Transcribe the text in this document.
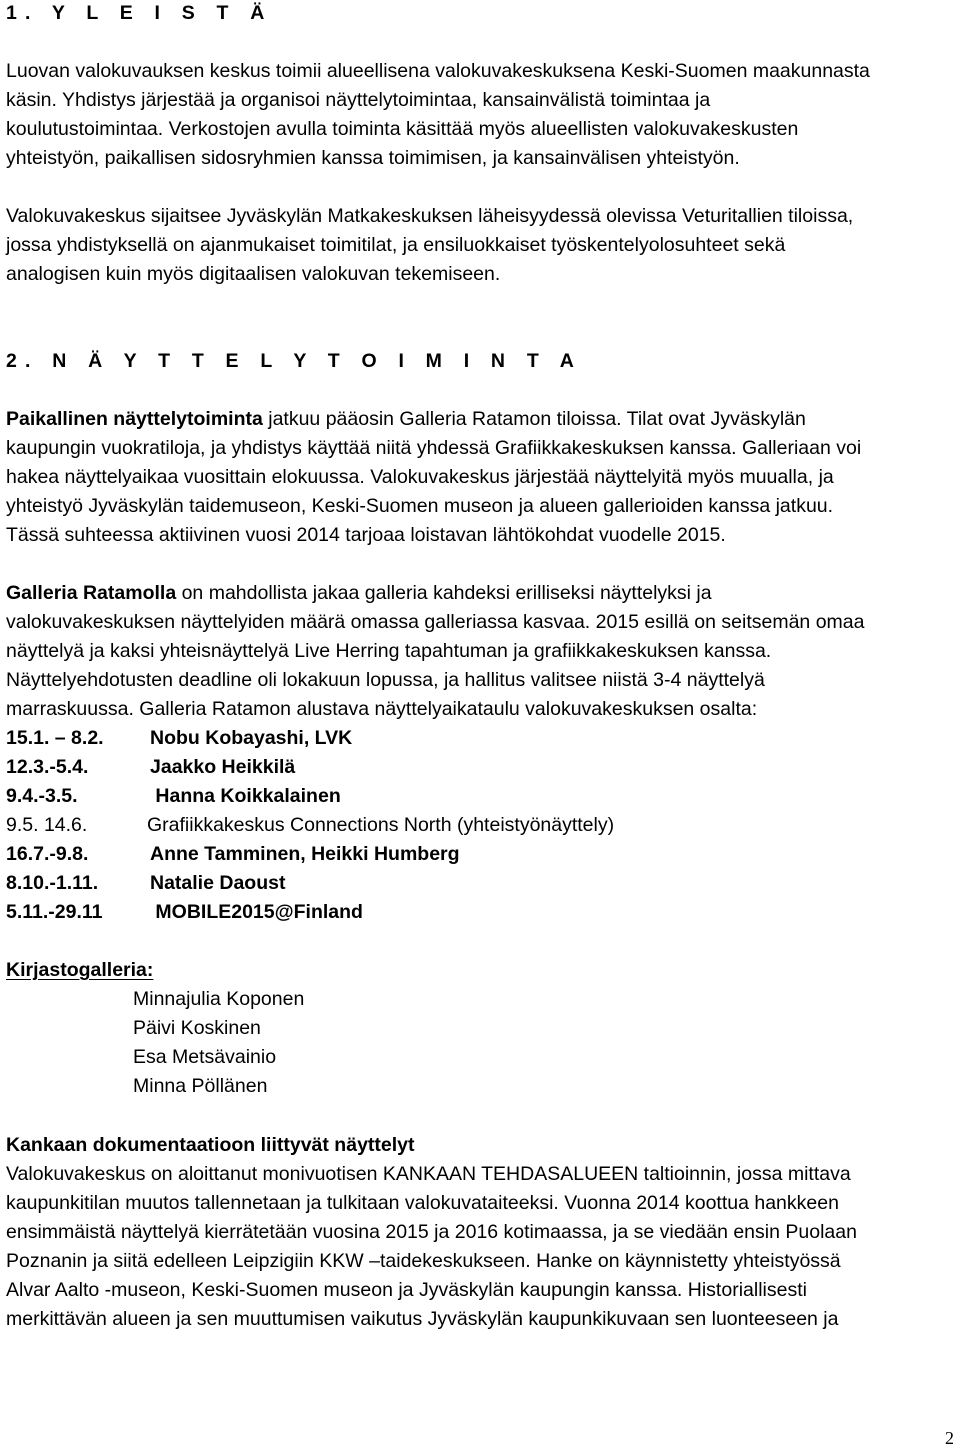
1. Y L E I S T Ä
Luovan valokuvauksen keskus toimii alueellisena valokuvakeskuksena Keski-Suomen maakunnasta
käsin. Yhdistys järjestää ja organisoi näyttelytoimintaa, kansainvälistä toimintaa ja
koulutustoimintaa. Verkostojen avulla toiminta käsittää myös alueellisten valokuvakeskusten
yhteistyön, paikallisen sidosryhmien kanssa toimimisen, ja kansainvälisen yhteistyön.
Valokuvakeskus sijaitsee Jyväskylän Matkakeskuksen läheisyydessä olevissa Veturitallien tiloissa,
jossa yhdistyksellä on ajanmukaiset toimitilat, ja ensiluokkaiset työskentelyolosuhteet sekä
analogisen kuin myös digitaalisen valokuvan tekemiseen.
2. N Ä Y T T E L Y T O I M I N T A
Paikallinen näyttelytoiminta jatkuu pääosin Galleria Ratamon tiloissa. Tilat ovat Jyväskylän
kaupungin vuokratiloja, ja yhdistys käyttää niitä yhdessä Grafiikkakeskuksen kanssa. Galleriaan voi
hakea näyttelyaikaa vuosittain elokuussa. Valokuvakeskus järjestää näyttelyitä myös muualla, ja
yhteistyö Jyväskylän taidemuseon, Keski-Suomen museon ja alueen gallerioiden kanssa jatkuu.
Tässä suhteessa aktiivinen vuosi 2014 tarjoaa loistavan lähtökohdat vuodelle 2015.
Galleria Ratamolla on mahdollista jakaa galleria kahdeksi erilliseksi näyttelyksi ja
valokuvakeskuksen näyttelyiden määrä omassa galleriassa kasvaa. 2015 esillä on seitsemän omaa
näyttelyä ja kaksi yhteisnäyttelyä Live Herring tapahtuman ja grafiikkakeskuksen kanssa.
Näyttelyehdotusten deadline oli lokakuun lopussa, ja hallitus valitsee niistä 3-4 näyttelyä
marraskuussa. Galleria Ratamon alustava näyttelyaikataulu valokuvakeskuksen osalta:
15.1. – 8.2. Nobu Kobayashi, LVK
12.3.-5.4.	Jaakko Heikkilä
9.4.-3.5.	Hanna Koikkalainen
9.5. 14.6.	Grafiikkakeskus Connections North (yhteistyönäyttely)
16.7.-9.8.	Anne Tamminen, Heikki Humberg
8.10.-1.11.	Natalie Daoust
5.11.-29.11 MOBILE2015@Finland
Kirjastogalleria:
Minnajulia Koponen
Päivi Koskinen
Esa Metsävainio
Minna Pöllänen
Kankaan dokumentaatioon liittyvät näyttelyt
Valokuvakeskus on aloittanut monivuotisen KANKAAN TEHDASALUEEN taltioinnin, jossa mittava
kaupunkitilan muutos tallennetaan ja tulkitaan valokuvataiteeksi. Vuonna 2014 koottua hankkeen
ensimmäistä näyttelyä kierrätetään vuosina 2015 ja 2016 kotimaassa, ja se viedään ensin Puolaan
Poznanin ja siitä edelleen Leipzigiin KKW –taidekeskukseen. Hanke on käynnistetty yhteistyössä
Alvar Aalto -museon, Keski-Suomen museon ja Jyväskylän kaupungin kanssa. Historiallisesti
merkittävän alueen ja sen muuttumisen vaikutus Jyväskylän kaupunkikuvaan sen luonteeseen ja
2
